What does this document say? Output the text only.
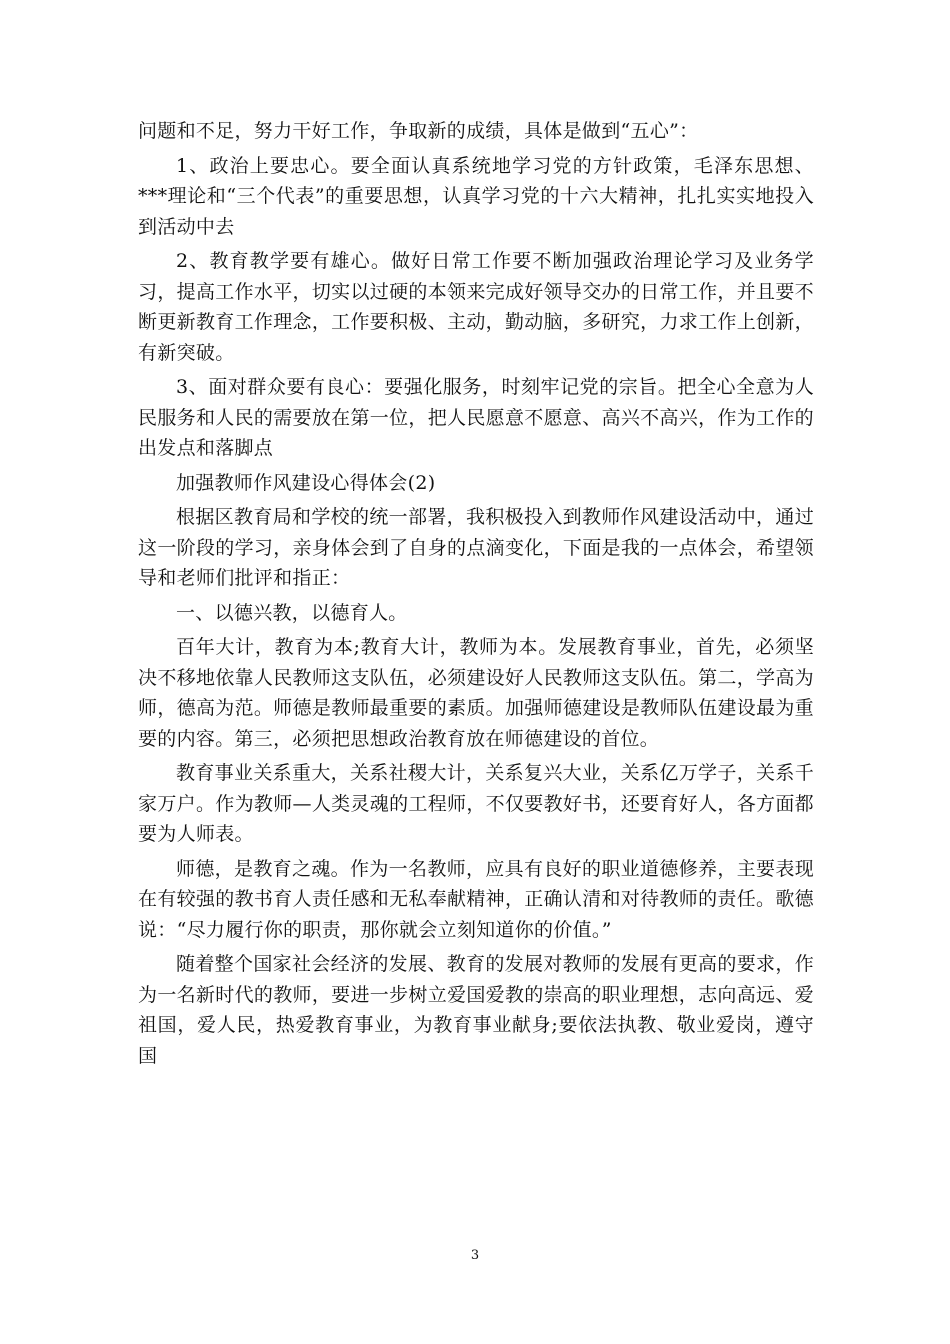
问题和不足，努力干好工作，争取新的成绩，具体是做到“五心”：

1、政治上要忠心。要全面认真系统地学习党的方针政策，毛泽东思想、***理论和“三个代表”的重要思想，认真学习党的十六大精神，扎扎实实地投入到活动中去

2、教育教学要有雄心。做好日常工作要不断加强政治理论学习及业务学习，提高工作水平，切实以过硬的本领来完成好领导交办的日常工作，并且要不断更新教育工作理念，工作要积极、主动，勤动脑，多研究，力求工作上创新，有新突破。

3、面对群众要有良心：要强化服务，时刻牢记党的宗旨。把全心全意为人民服务和人民的需要放在第一位，把人民愿意不愿意、高兴不高兴，作为工作的出发点和落脚点

加强教师作风建设心得体会(2)

根据区教育局和学校的统一部署，我积极投入到教师作风建设活动中，通过这一阶段的学习，亲身体会到了自身的点滴变化，下面是我的一点体会，希望领导和老师们批评和指正：

一、以德兴教，以德育人。

百年大计，教育为本;教育大计，教师为本。发展教育事业，首先，必须坚决不移地依靠人民教师这支队伍，必须建设好人民教师这支队伍。第二，学高为师，德高为范。师德是教师最重要的素质。加强师德建设是教师队伍建设最为重要的内容。第三，必须把思想政治教育放在师德建设的首位。

教育事业关系重大，关系社稷大计，关系复兴大业，关系亿万学子，关系千家万户。作为教师—人类灵魂的工程师，不仅要教好书，还要育好人，各方面都要为人师表。

师德，是教育之魂。作为一名教师，应具有良好的职业道德修养，主要表现在有较强的教书育人责任感和无私奉献精神，正确认清和对待教师的责任。歌德说：“尽力履行你的职责，那你就会立刻知道你的价值。”

随着整个国家社会经济的发展、教育的发展对教师的发展有更高的要求，作为一名新时代的教师，要进一步树立爱国爱教的崇高的职业理想，志向高远、爱祖国，爱人民，热爱教育事业，为教育事业献身;要依法执教、敬业爱岗，遵守国

3
